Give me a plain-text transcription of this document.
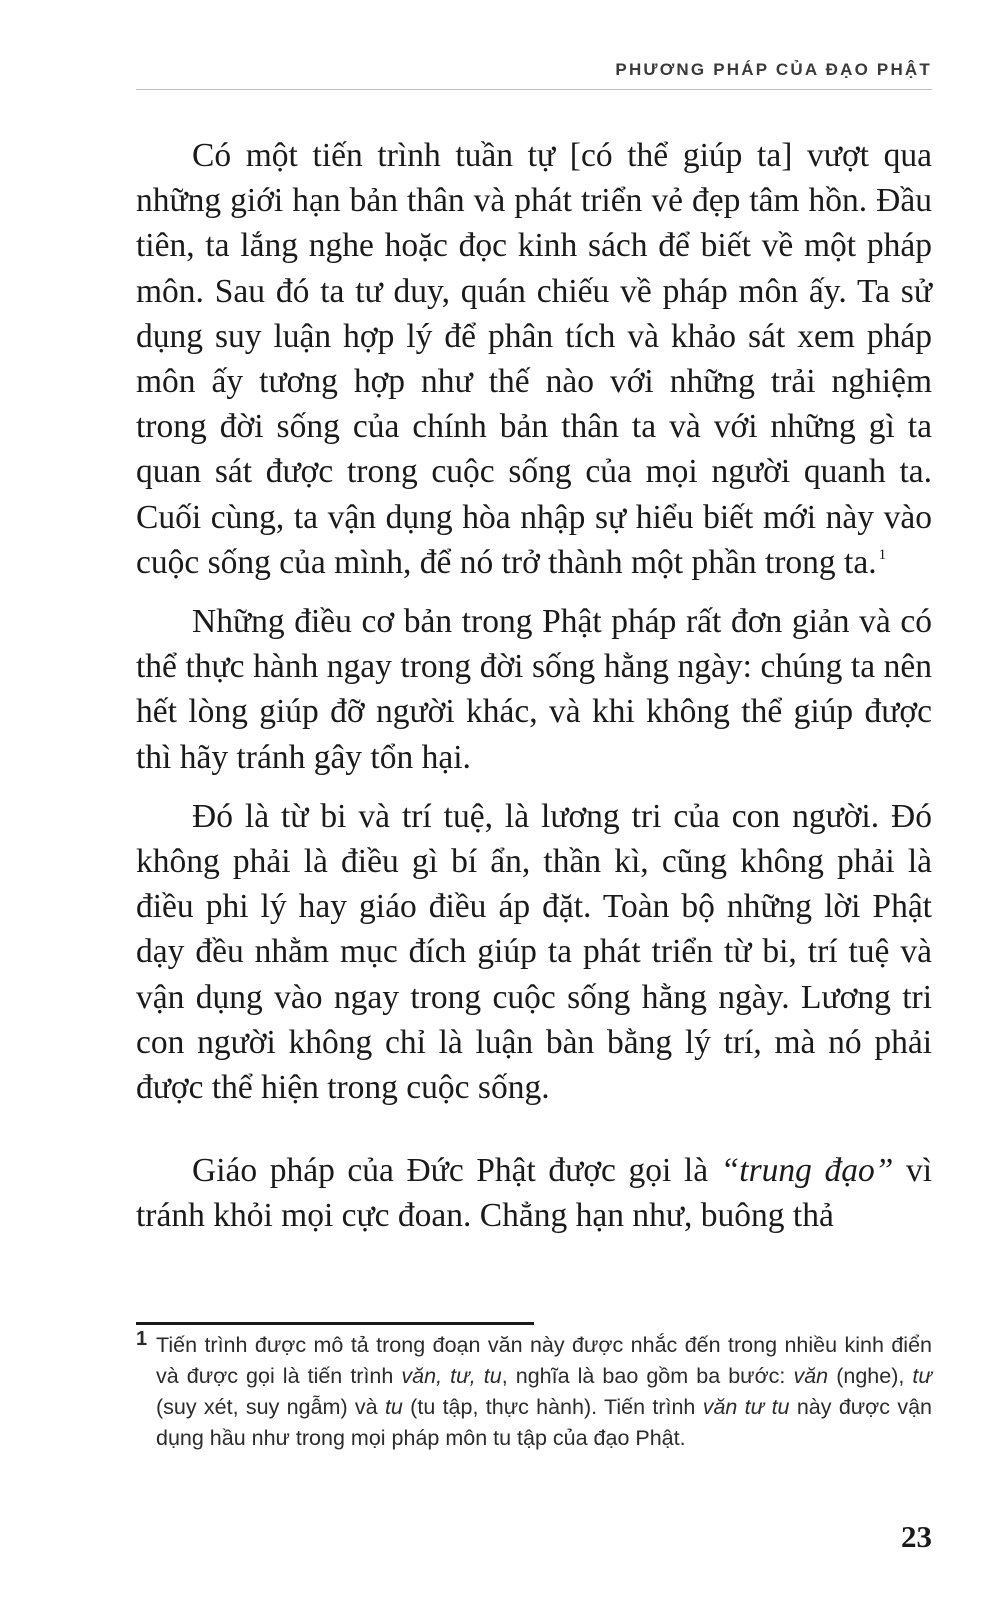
PHƯƠNG PHÁP CỦA ĐẠO PHẬT

Có một tiến trình tuần tự [có thể giúp ta] vượt qua những giới hạn bản thân và phát triển vẻ đẹp tâm hồn. Đầu tiên, ta lắng nghe hoặc đọc kinh sách để biết về một pháp môn. Sau đó ta tư duy, quán chiếu về pháp môn ấy. Ta sử dụng suy luận hợp lý để phân tích và khảo sát xem pháp môn ấy tương hợp như thế nào với những trải nghiệm trong đời sống của chính bản thân ta và với những gì ta quan sát được trong cuộc sống của mọi người quanh ta. Cuối cùng, ta vận dụng hòa nhập sự hiểu biết mới này vào cuộc sống của mình, để nó trở thành một phần trong ta. $^1$

Những điều cơ bản trong Phật pháp rất đơn giản và có thể thực hành ngay trong đời sống hằng ngày: chúng ta nên hết lòng giúp đỡ người khác, và khi không thể giúp được thì hãy tránh gây tổn hại.

Đó là từ bi và trí tuệ, là lương tri của con người. Đó không phải là điều gì bí ẩn, thần kì, cũng không phải là điều phi lý hay giáo điều áp đặt. Toàn bộ những lời Phật dạy đều nhằm mục đích giúp ta phát triển từ bi, trí tuệ và vận dụng vào ngay trong cuộc sống hằng ngày. Lương tri con người không chỉ là luận bàn bằng lý trí, mà nó phải được thể hiện trong cuộc sống.

Giáo pháp của Đức Phật được gọi là “trung đạo” vì tránh khỏi mọi cực đoan. Chẳng hạn như, buông thả

1 Tiến trình được mô tả trong đoạn văn này được nhắc đến trong nhiều kinh điển và được gọi là tiến trình văn, tư, tu, nghĩa là bao gồm ba bước: văn (nghe), tư (suy xét, suy ngẫm) và tu (tu tập, thực hành). Tiến trình văn tư tu này được vận dụng hầu như trong mọi pháp môn tu tập của đạo Phật.
23
